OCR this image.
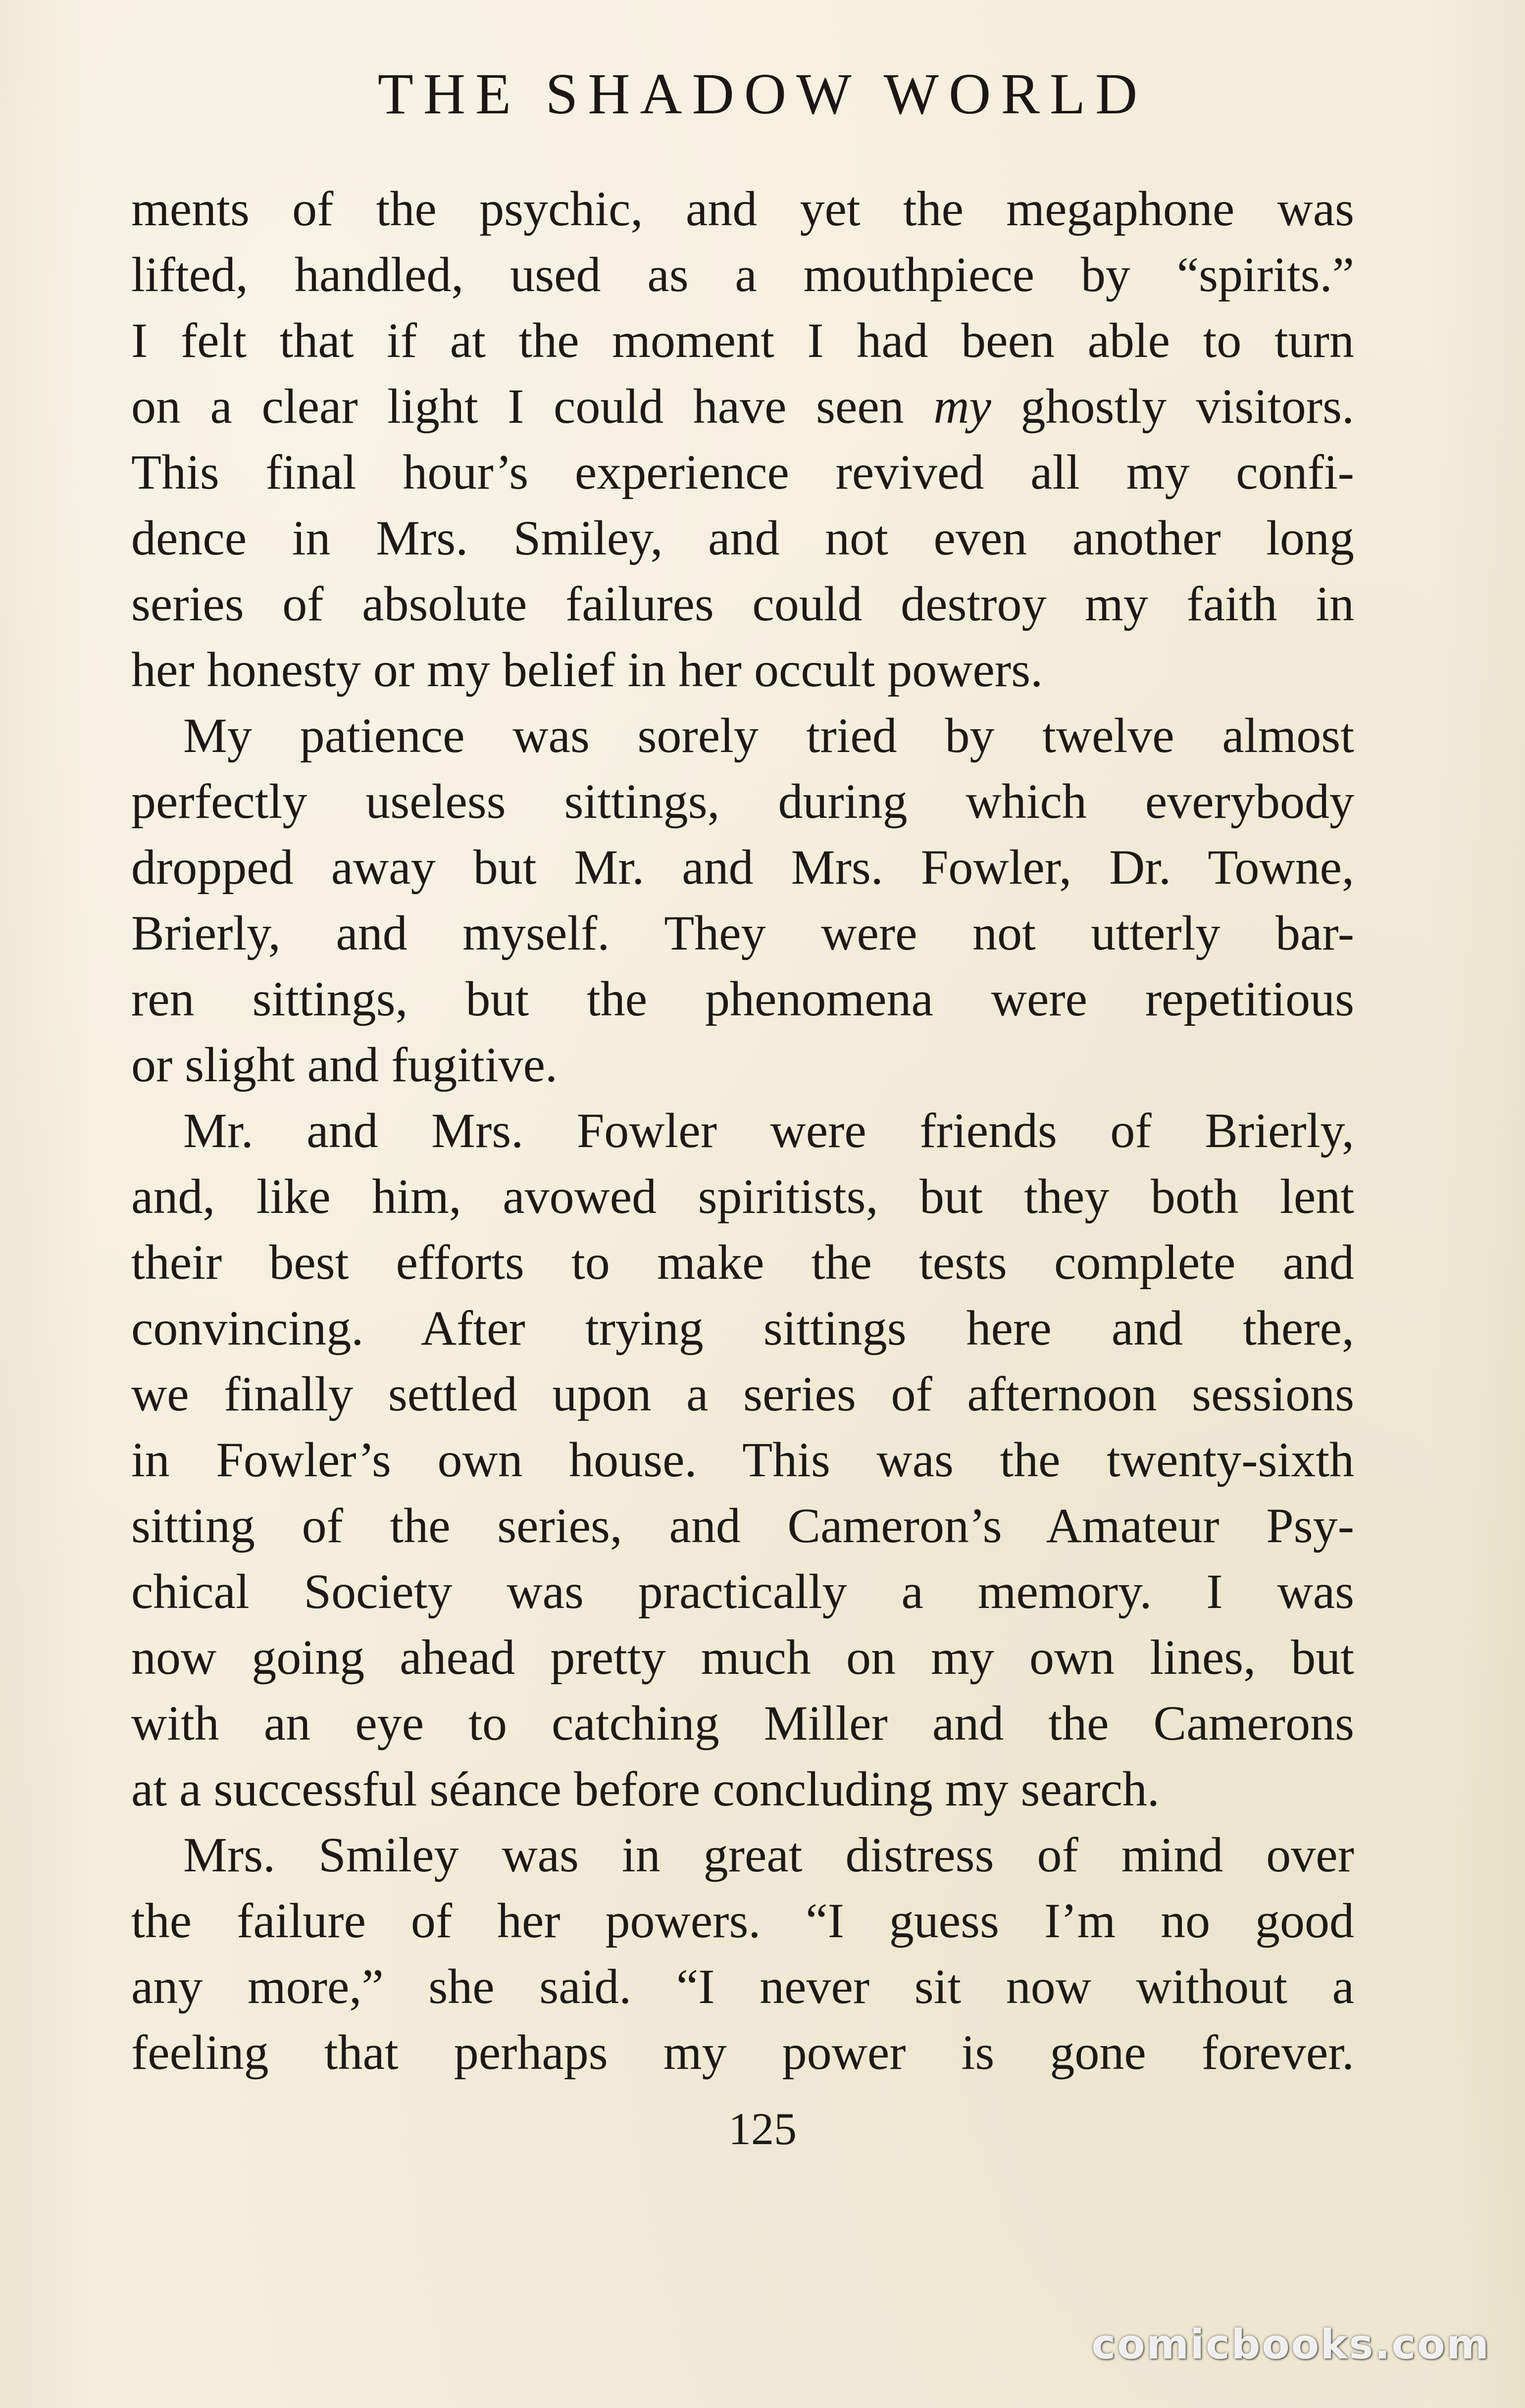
THE SHADOW WORLD
ments of the psychic, and yet the megaphone was
lifted, handled, used as a mouthpiece by “spirits.”
I felt that if at the moment I had been able to turn
on a clear light I could have seen my ghostly visitors.
This final hour’s experience revived all my confi-
dence in Mrs. Smiley, and not even another long
series of absolute failures could destroy my faith in
her honesty or my belief in her occult powers.
My patience was sorely tried by twelve almost
perfectly useless sittings, during which everybody
dropped away but Mr. and Mrs. Fowler, Dr. Towne,
Brierly, and myself. They were not utterly bar-
ren sittings, but the phenomena were repetitious
or slight and fugitive.
Mr. and Mrs. Fowler were friends of Brierly,
and, like him, avowed spiritists, but they both lent
their best efforts to make the tests complete and
convincing. After trying sittings here and there,
we finally settled upon a series of afternoon sessions
in Fowler’s own house. This was the twenty-sixth
sitting of the series, and Cameron’s Amateur Psy-
chical Society was practically a memory. I was
now going ahead pretty much on my own lines, but
with an eye to catching Miller and the Camerons
at a successful séance before concluding my search.
Mrs. Smiley was in great distress of mind over
the failure of her powers. “I guess I’m no good
any more,” she said. “I never sit now without a
feeling that perhaps my power is gone forever.
125
comicbooks.com
